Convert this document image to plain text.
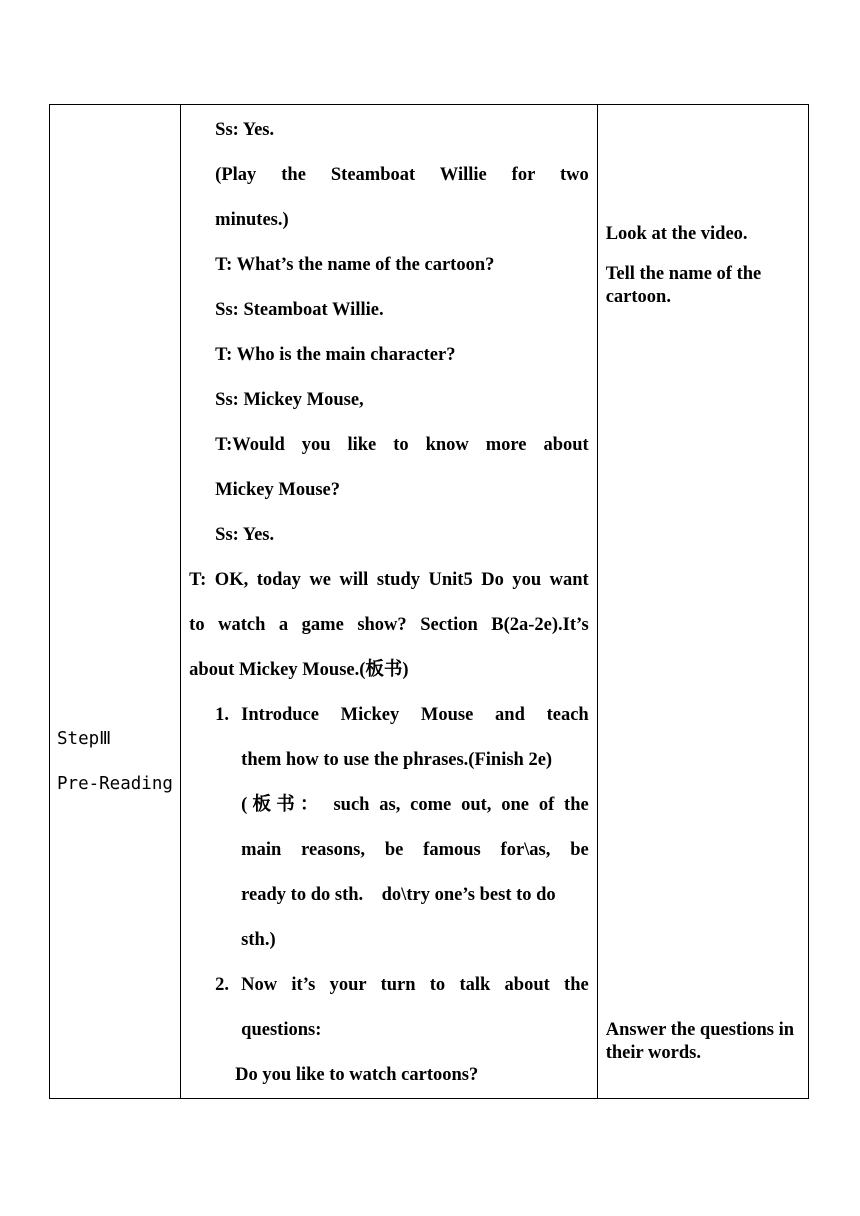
StepⅢ
Pre-Reading

Ss: Yes.
(Play the Steamboat Willie for two
minutes.)
T: What’s the name of the cartoon?
Ss: Steamboat Willie.
T: Who is the main character?
Ss: Mickey Mouse,
T:Would you like to know more about
Mickey Mouse?
Ss: Yes.
T: OK, today we will study Unit5 Do you want
to watch a game show? Section B(2a-2e).It’s
about Mickey Mouse.(板书)
1. Introduce Mickey Mouse and teach
them how to use the phrases.(Finish 2e)
(板书： such as, come out, one of the
main reasons, be famous for\as, be
ready to do sth.    do\try one’s best to do
sth.)
2. Now it’s your turn to talk about the
questions:
Do you like to watch cartoons?

Look at the video.

Tell the name of the cartoon.

Answer the questions in their words.
